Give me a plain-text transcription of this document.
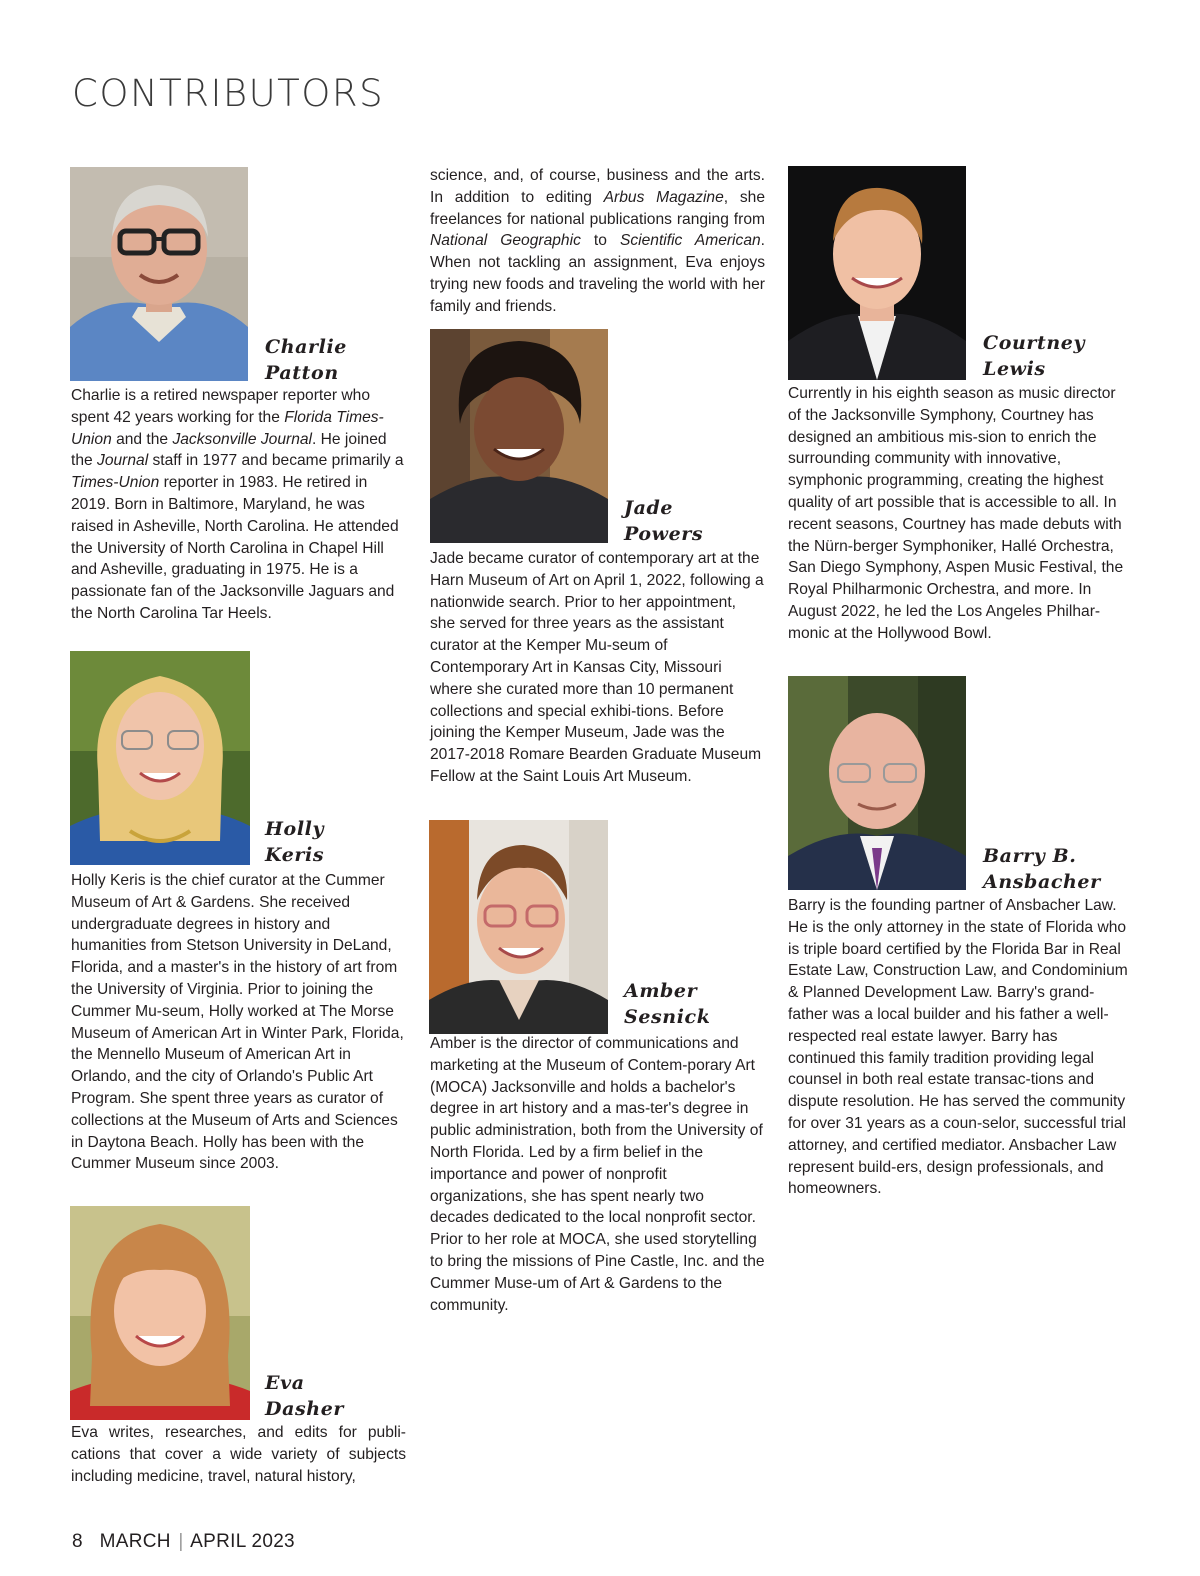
CONTRIBUTORS
Charlie
Patton

Charlie is a retired newspaper reporter who spent 42 years working for the Florida Times-Union and the Jacksonville Journal. He joined the Journal staff in 1977 and became primarily a Times-Union reporter in 1983. He retired in 2019. Born in Baltimore, Maryland, he was raised in Asheville, North Carolina. He attended the University of North Carolina in Chapel Hill and Asheville, graduating in 1975. He is a passionate fan of the Jacksonville Jaguars and the North Carolina Tar Heels.

Holly
Keris

Holly Keris is the chief curator at the Cummer Museum of Art & Gardens. She received undergraduate degrees in history and humanities from Stetson University in DeLand, Florida, and a master's in the history of art from the University of Virginia. Prior to joining the Cummer Mu-seum, Holly worked at The Morse Museum of American Art in Winter Park, Florida, the Mennello Museum of American Art in Orlando, and the city of Orlando's Public Art Program. She spent three years as curator of collections at the Museum of Arts and Sciences in Daytona Beach. Holly has been with the Cummer Museum since 2003.

Eva
Dasher

Eva writes, researches, and edits for publi-cations that cover a wide variety of subjects including medicine, travel, natural history,

science, and, of course, business and the arts. In addition to editing Arbus Magazine, she freelances for national publications ranging from National Geographic to Scientific American. When not tackling an assignment, Eva enjoys trying new foods and traveling the world with her family and friends.

Jade
Powers

Jade became curator of contemporary art at the Harn Museum of Art on April 1, 2022, following a nationwide search. Prior to her appointment, she served for three years as the assistant curator at the Kemper Mu-seum of Contemporary Art in Kansas City, Missouri where she curated more than 10 permanent collections and special exhibi-tions. Before joining the Kemper Museum, Jade was the 2017-2018 Romare Bearden Graduate Museum Fellow at the Saint Louis Art Museum.

Amber
Sesnick

Amber is the director of communications and marketing at the Museum of Contem-porary Art (MOCA) Jacksonville and holds a bachelor's degree in art history and a mas-ter's degree in public administration, both from the University of North Florida. Led by a firm belief in the importance and power of nonprofit organizations, she has spent nearly two decades dedicated to the local nonprofit sector. Prior to her role at MOCA, she used storytelling to bring the missions of Pine Castle, Inc. and the Cummer Muse-um of Art & Gardens to the community.

Courtney
Lewis

Currently in his eighth season as music director of the Jacksonville Symphony, Courtney has designed an ambitious mis-sion to enrich the surrounding community with innovative, symphonic programming, creating the highest quality of art possible that is accessible to all. In recent seasons, Courtney has made debuts with the Nürn-berger Symphoniker, Hallé Orchestra, San Diego Symphony, Aspen Music Festival, the Royal Philharmonic Orchestra, and more. In August 2022, he led the Los Angeles Philhar-monic at the Hollywood Bowl.

Barry B.
Ansbacher

Barry is the founding partner of Ansbacher Law. He is the only attorney in the state of Florida who is triple board certified by the Florida Bar in Real Estate Law, Construction Law, and Condominium & Planned Development Law. Barry's grand-father was a local builder and his father a well-respected real estate lawyer. Barry has continued this family tradition providing legal counsel in both real estate transac-tions and dispute resolution. He has served the community for over 31 years as a coun-selor, successful trial attorney, and certified mediator. Ansbacher Law represent build-ers, design professionals, and homeowners.

8 MARCH | APRIL 2023
